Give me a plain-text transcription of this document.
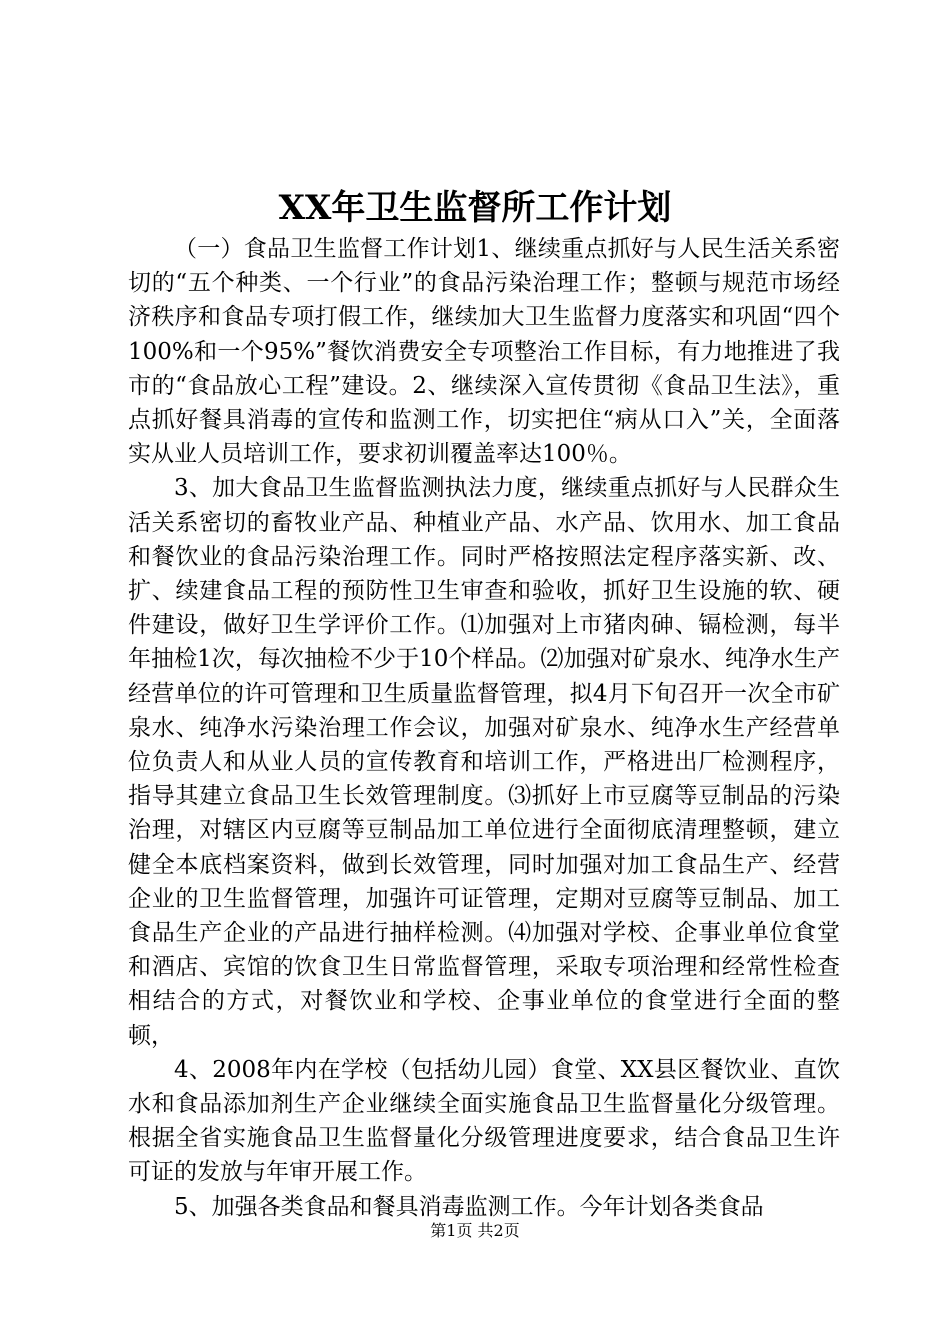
XX年卫生监督所工作计划

（一）食品卫生监督工作计划1、继续重点抓好与人民生活关系密切的“五个种类、一个行业”的食品污染治理工作；整顿与规范市场经济秩序和食品专项打假工作，继续加大卫生监督力度落实和巩固“四个100%和一个95%”餐饮消费安全专项整治工作目标，有力地推进了我市的“食品放心工程”建设。2、继续深入宣传贯彻《食品卫生法》，重点抓好餐具消毒的宣传和监测工作，切实把住“病从口入”关，全面落实从业人员培训工作，要求初训覆盖率达100％。

3、加大食品卫生监督监测执法力度，继续重点抓好与人民群众生活关系密切的畜牧业产品、种植业产品、水产品、饮用水、加工食品和餐饮业的食品污染治理工作。同时严格按照法定程序落实新、改、扩、续建食品工程的预防性卫生审查和验收，抓好卫生设施的软、硬件建设，做好卫生学评价工作。⑴加强对上市猪肉砷、镉检测，每半年抽检1次，每次抽检不少于10个样品。⑵加强对矿泉水、纯净水生产经营单位的许可管理和卫生质量监督管理，拟4月下旬召开一次全市矿泉水、纯净水污染治理工作会议，加强对矿泉水、纯净水生产经营单位负责人和从业人员的宣传教育和培训工作，严格进出厂检测程序，指导其建立食品卫生长效管理制度。⑶抓好上市豆腐等豆制品的污染治理，对辖区内豆腐等豆制品加工单位进行全面彻底清理整顿，建立健全本底档案资料，做到长效管理，同时加强对加工食品生产、经营企业的卫生监督管理，加强许可证管理，定期对豆腐等豆制品、加工食品生产企业的产品进行抽样检测。⑷加强对学校、企事业单位食堂和酒店、宾馆的饮食卫生日常监督管理，采取专项治理和经常性检查相结合的方式，对餐饮业和学校、企事业单位的食堂进行全面的整顿，

4、2008年内在学校（包括幼儿园）食堂、XX县区餐饮业、直饮水和食品添加剂生产企业继续全面实施食品卫生监督量化分级管理。根据全省实施食品卫生监督量化分级管理进度要求，结合食品卫生许可证的发放与年审开展工作。

5、加强各类食品和餐具消毒监测工作。今年计划各类食品

第1页 共2页
